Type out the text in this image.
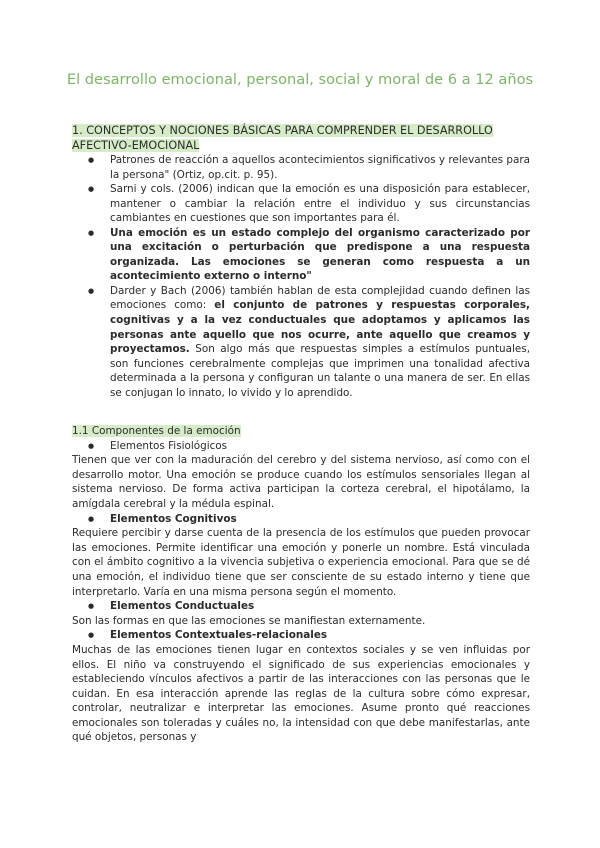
El desarrollo emocional, personal, social y moral de 6 a 12 años

1. CONCEPTOS Y NOCIONES BÁSICAS PARA COMPRENDER EL DESARROLLO AFECTIVO-EMOCIONAL

● Patrones de reacción a aquellos acontecimientos significativos y relevantes para la persona" (Ortiz, op.cit. p. 95).
● Sarni y cols. (2006) indican que la emoción es una disposición para establecer, mantener o cambiar la relación entre el individuo y sus circunstancias cambiantes en cuestiones que son importantes para él.
● Una emoción es un estado complejo del organismo caracterizado por una excitación o perturbación que predispone a una respuesta organizada. Las emociones se generan como respuesta a un acontecimiento externo o interno"
● Darder y Bach (2006) también hablan de esta complejidad cuando definen las emociones como: el conjunto de patrones y respuestas corporales, cognitivas y a la vez conductuales que adoptamos y aplicamos las personas ante aquello que nos ocurre, ante aquello que creamos y proyectamos. Son algo más que respuestas simples a estímulos puntuales, son funciones cerebralmente complejas que imprimen una tonalidad afectiva determinada a la persona y configuran un talante o una manera de ser. En ellas se conjugan lo innato, lo vivido y lo aprendido.

1.1 Componentes de la emoción

● Elementos Fisiológicos

Tienen que ver con la maduración del cerebro y del sistema nervioso, así como con el desarrollo motor. Una emoción se produce cuando los estímulos sensoriales llegan al sistema nervioso. De forma activa participan la corteza cerebral, el hipotálamo, la amígdala cerebral y la médula espinal.

● Elementos Cognitivos

Requiere percibir y darse cuenta de la presencia de los estímulos que pueden provocar las emociones. Permite identificar una emoción y ponerle un nombre. Está vinculada con el ámbito cognitivo a la vivencia subjetiva o experiencia emocional. Para que se dé una emoción, el individuo tiene que ser consciente de su estado interno y tiene que interpretarlo. Varía en una misma persona según el momento.

● Elementos Conductuales

Son las formas en que las emociones se manifiestan externamente.

● Elementos Contextuales-relacionales

Muchas de las emociones tienen lugar en contextos sociales y se ven influidas por ellos. El niño va construyendo el significado de sus experiencias emocionales y estableciendo vínculos afectivos a partir de las interacciones con las personas que le cuidan. En esa interacción aprende las reglas de la cultura sobre cómo expresar, controlar, neutralizar e interpretar las emociones. Asume pronto qué reacciones emocionales son toleradas y cuáles no, la intensidad con que debe manifestarlas, ante qué objetos, personas y
